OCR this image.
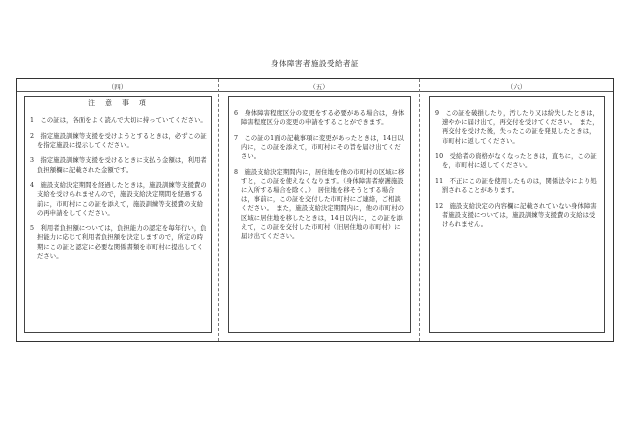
身体障害者施設受給者証
（四）
注 意 事 項
1　この証は，各面をよく読んで大切に持っていてください。
2　指定施設訓練等支援を受けようとするときは，必ずこの証を指定施設に提示してください。
3　指定施設訓練等支援を受けるときに支払う金額は，利用者負担額欄に記載された金額です。
4　施設支給決定期間を経過したときは，施設訓練等支援費の支給を受けられませんので，施設支給決定期間を経過する前に，市町村にこの証を添えて，施設訓練等支援費の支給の再申請をしてください。
5　利用者負担額については，負担能力の認定を毎年行い，負担能力に応じて利用者負担額を決定しますので，所定の時期にこの証と認定に必要な関係書類を市町村に提出してください。
（五）
6　身体障害程度区分の変更をする必要がある場合は，身体障害程度区分の変更の申請をすることができます。
7　この証の1面の記載事項に変更があったときは，14日以内に，この証を添えて，市町村にその旨を届け出てください。
8　施設支給決定期間内に，居住地を他の市町村の区域に移すと，この証を使えなくなります。（身体障害者療護施設に入所する場合を除く。）　居住地を移そうとする場合は，事前に，この証を交付した市町村にご連絡，ご相談ください。　また，施設支給決定期間内に，他の市町村の区域に居住地を移したときは，14日以内に，この証を添えて，この証を交付した市町村（旧居住地の市町村）に届け出てください。
（六）
9　この証を破損したり，汚したり又は紛失したときは，速やかに届け出て，再交付を受けてください。　また，再交付を受けた後，失ったこの証を発見したときは，市町村に返してください。
10　受給者の資格がなくなったときは，直ちに，この証を，市町村に返してください。
11　不正にこの証を使用したものは，関係法令により処罰されることがあります。
12　施設支給決定の内容欄に記載されていない身体障害者施設支援については，施設訓練等支援費の支給は受けられません。
